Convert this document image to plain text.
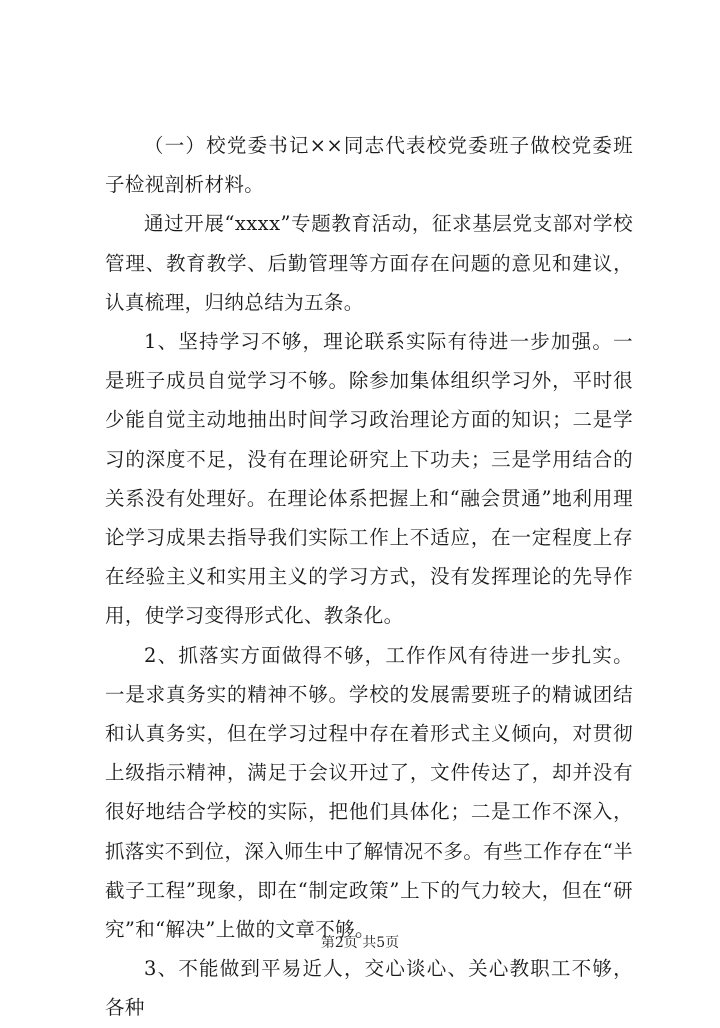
（一）校党委书记××同志代表校党委班子做校党委班子检视剖析材料。

通过开展“xxxx”专题教育活动，征求基层党支部对学校管理、教育教学、后勤管理等方面存在问题的意见和建议，认真梳理，归纳总结为五条。

1、坚持学习不够，理论联系实际有待进一步加强。一是班子成员自觉学习不够。除参加集体组织学习外，平时很少能自觉主动地抽出时间学习政治理论方面的知识；二是学习的深度不足，没有在理论研究上下功夫；三是学用结合的关系没有处理好。在理论体系把握上和“融会贯通”地利用理论学习成果去指导我们实际工作上不适应，在一定程度上存在经验主义和实用主义的学习方式，没有发挥理论的先导作用，使学习变得形式化、教条化。

2、抓落实方面做得不够，工作作风有待进一步扎实。一是求真务实的精神不够。学校的发展需要班子的精诚团结和认真务实，但在学习过程中存在着形式主义倾向，对贯彻上级指示精神，满足于会议开过了，文件传达了，却并没有很好地结合学校的实际，把他们具体化；二是工作不深入，抓落实不到位，深入师生中了解情况不多。有些工作存在“半截子工程”现象，即在“制定政策”上下的气力较大，但在“研究”和“解决”上做的文章不够。

3、不能做到平易近人，交心谈心、关心教职工不够，各种

第2页 共5页
